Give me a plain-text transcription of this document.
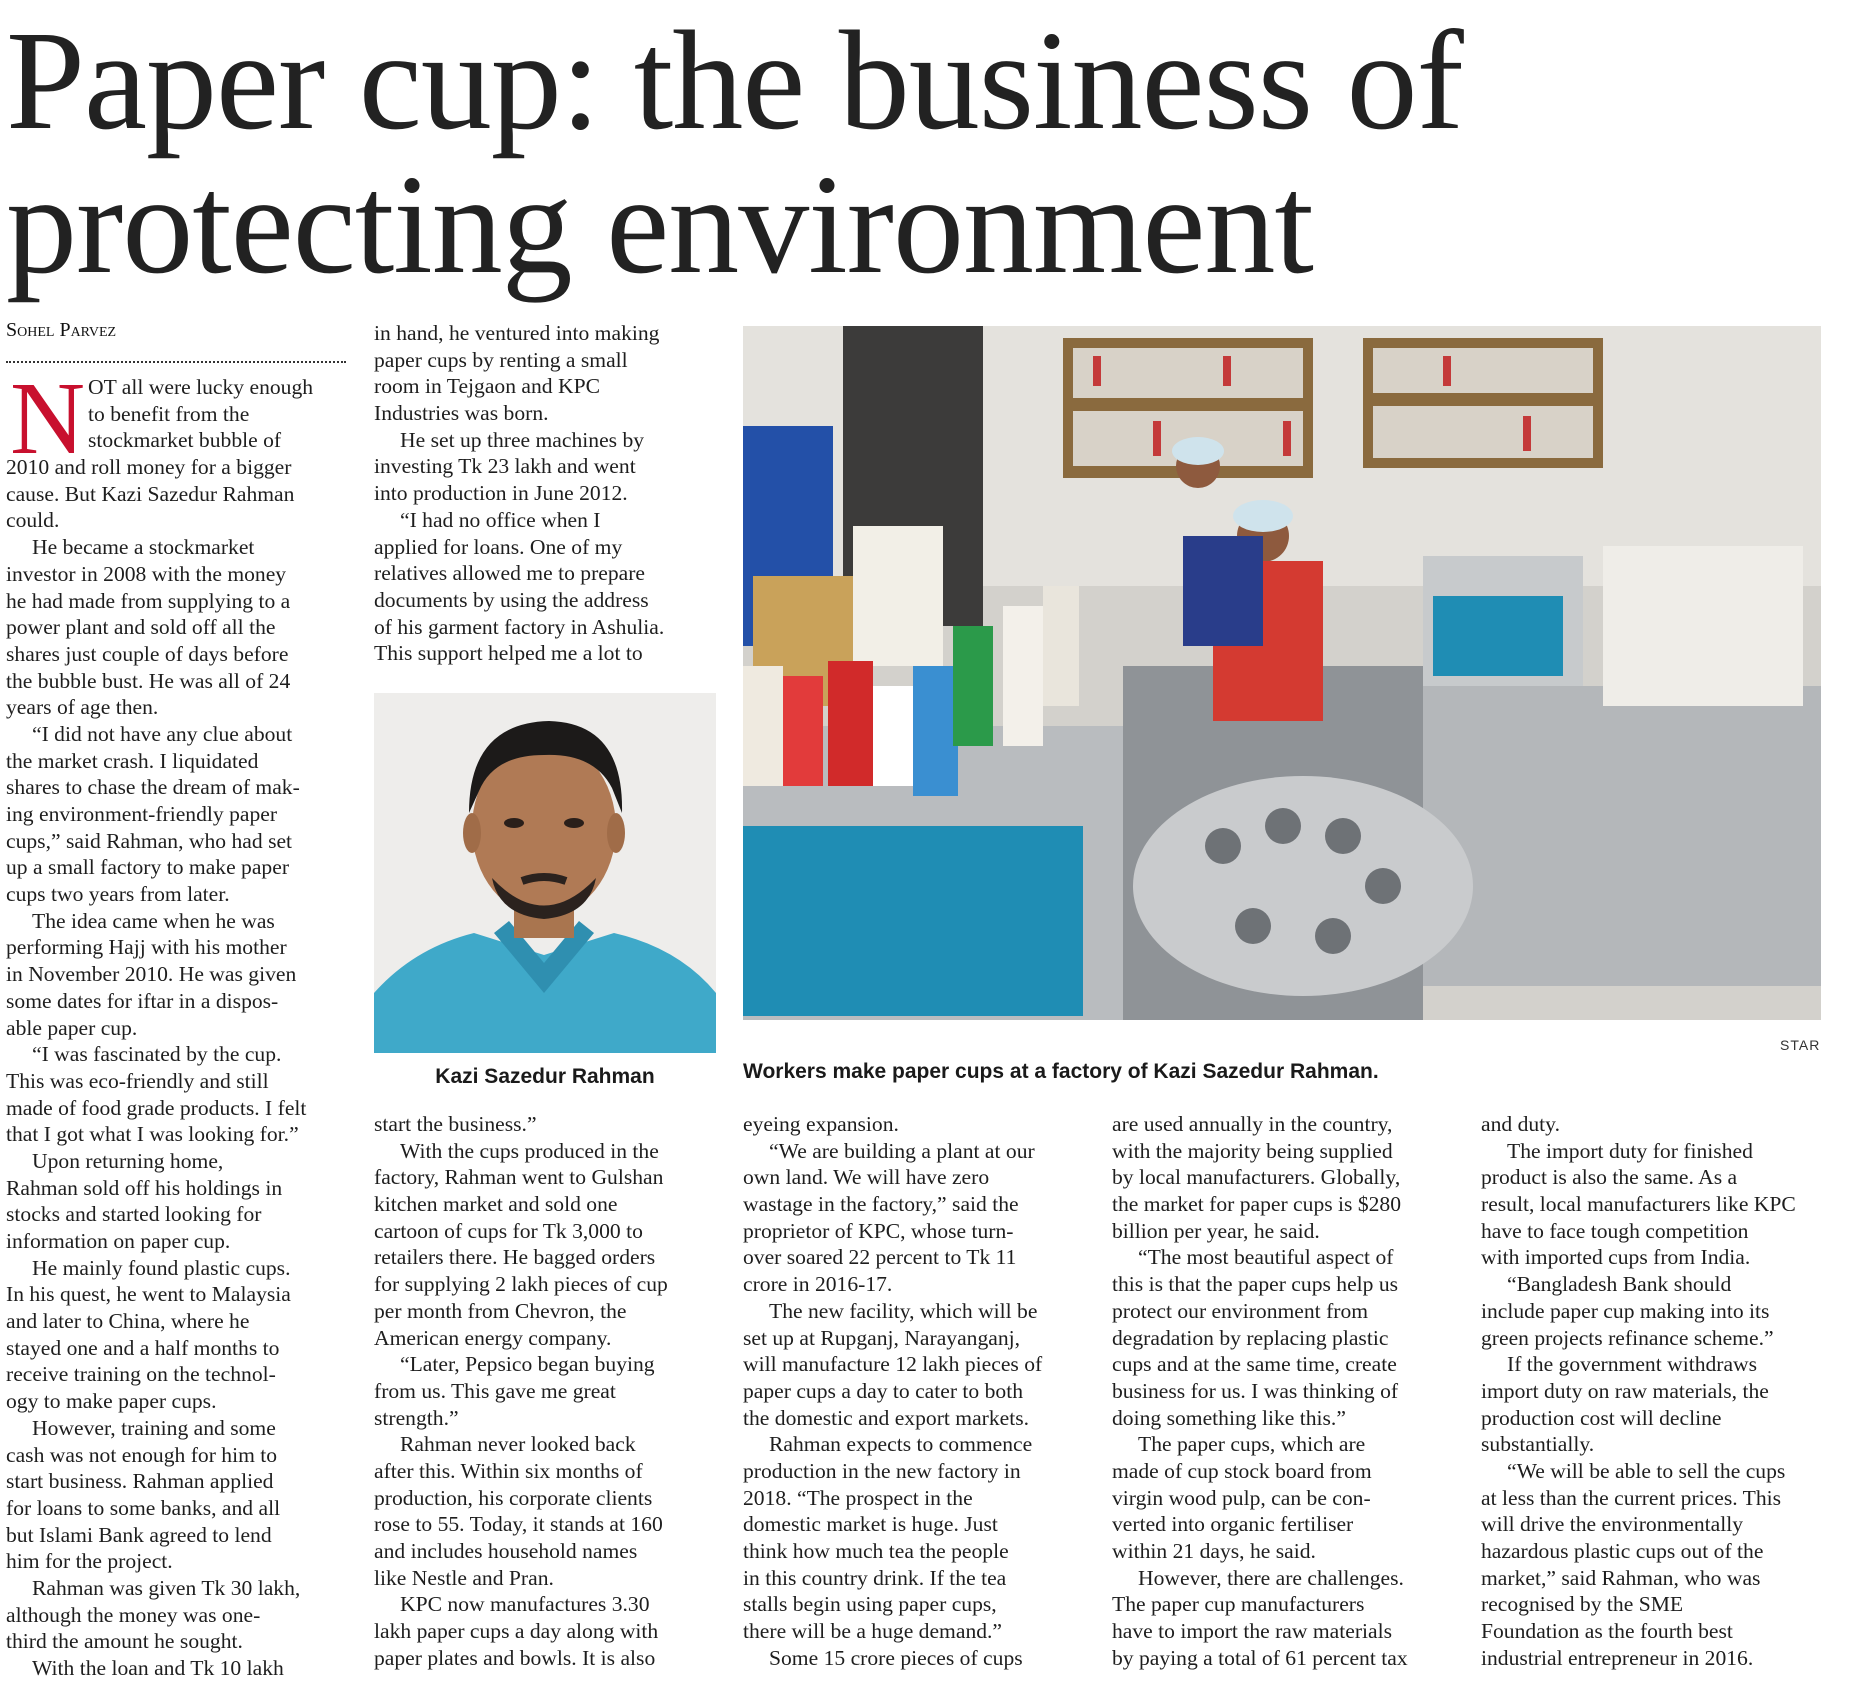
Paper cup: the business of
protecting environment
Sohel Parvez
N OT all were lucky enough
to benefit from the
stockmarket bubble of
2010 and roll money for a bigger
cause. But Kazi Sazedur Rahman
could.
He became a stockmarket
investor in 2008 with the money
he had made from supplying to a
power plant and sold off all the
shares just couple of days before
the bubble bust. He was all of 24
years of age then.
“I did not have any clue about
the market crash. I liquidated
shares to chase the dream of mak-
ing environment-friendly paper
cups,” said Rahman, who had set
up a small factory to make paper
cups two years from later.
The idea came when he was
performing Hajj with his mother
in November 2010. He was given
some dates for iftar in a dispos-
able paper cup.
“I was fascinated by the cup.
This was eco-friendly and still
made of food grade products. I felt
that I got what I was looking for.”
Upon returning home,
Rahman sold off his holdings in
stocks and started looking for
information on paper cup.
He mainly found plastic cups.
In his quest, he went to Malaysia
and later to China, where he
stayed one and a half months to
receive training on the technol-
ogy to make paper cups.
However, training and some
cash was not enough for him to
start business. Rahman applied
for loans to some banks, and all
but Islami Bank agreed to lend
him for the project.
Rahman was given Tk 30 lakh,
although the money was one-
third the amount he sought.
With the loan and Tk 10 lakh
in hand, he ventured into making
paper cups by renting a small
room in Tejgaon and KPC
Industries was born.
He set up three machines by
investing Tk 23 lakh and went
into production in June 2012.
“I had no office when I
applied for loans. One of my
relatives allowed me to prepare
documents by using the address
of his garment factory in Ashulia.
This support helped me a lot to
Kazi Sazedur Rahman
start the business.”
With the cups produced in the
factory, Rahman went to Gulshan
kitchen market and sold one
cartoon of cups for Tk 3,000 to
retailers there. He bagged orders
for supplying 2 lakh pieces of cup
per month from Chevron, the
American energy company.
“Later, Pepsico began buying
from us. This gave me great
strength.”
Rahman never looked back
after this. Within six months of
production, his corporate clients
rose to 55. Today, it stands at 160
and includes household names
like Nestle and Pran.
KPC now manufactures 3.30
lakh paper cups a day along with
paper plates and bowls. It is also
STAR
Workers make paper cups at a factory of Kazi Sazedur Rahman.
eyeing expansion.
“We are building a plant at our
own land. We will have zero
wastage in the factory,” said the
proprietor of KPC, whose turn-
over soared 22 percent to Tk 11
crore in 2016-17.
The new facility, which will be
set up at Rupganj, Narayanganj,
will manufacture 12 lakh pieces of
paper cups a day to cater to both
the domestic and export markets.
Rahman expects to commence
production in the new factory in
2018. “The prospect in the
domestic market is huge. Just
think how much tea the people
in this country drink. If the tea
stalls begin using paper cups,
there will be a huge demand.”
Some 15 crore pieces of cups
are used annually in the country,
with the majority being supplied
by local manufacturers. Globally,
the market for paper cups is $280
billion per year, he said.
“The most beautiful aspect of
this is that the paper cups help us
protect our environment from
degradation by replacing plastic
cups and at the same time, create
business for us. I was thinking of
doing something like this.”
The paper cups, which are
made of cup stock board from
virgin wood pulp, can be con-
verted into organic fertiliser
within 21 days, he said.
However, there are challenges.
The paper cup manufacturers
have to import the raw materials
by paying a total of 61 percent tax
and duty.
The import duty for finished
product is also the same. As a
result, local manufacturers like KPC
have to face tough competition
with imported cups from India.
“Bangladesh Bank should
include paper cup making into its
green projects refinance scheme.”
If the government withdraws
import duty on raw materials, the
production cost will decline
substantially.
“We will be able to sell the cups
at less than the current prices. This
will drive the environmentally
hazardous plastic cups out of the
market,” said Rahman, who was
recognised by the SME
Foundation as the fourth best
industrial entrepreneur in 2016.
